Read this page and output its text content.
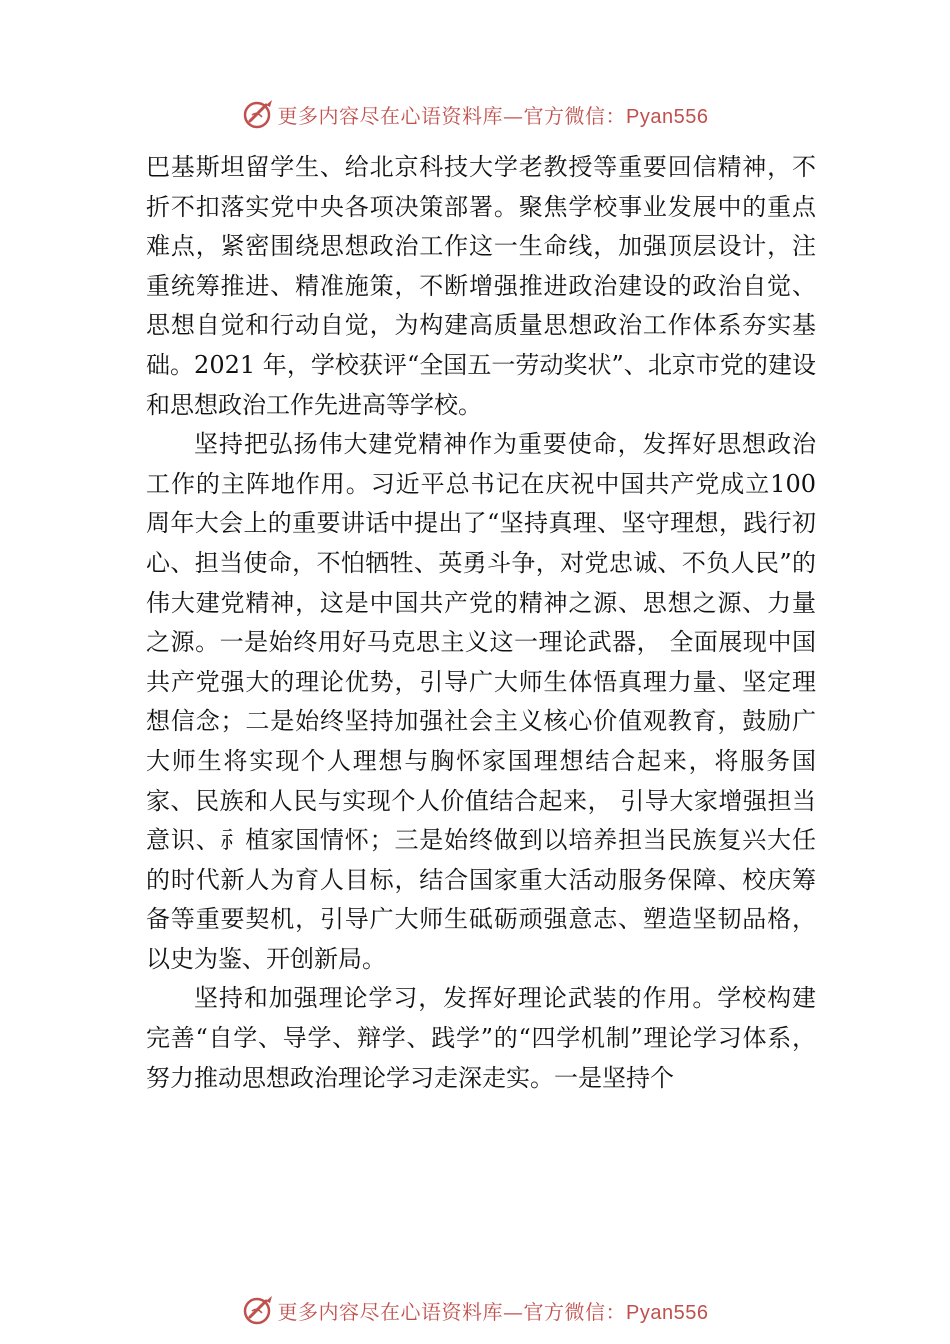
更多内容尽在心语资料库—官方微信：Pyan556

巴基斯坦留学生、给北京科技大学老教授等重要回信精神，不折不扣落实党中央各项决策部署。聚焦学校事业发展中的重点难点，紧密围绕思想政治工作这一生命线，加强顶层设计，注重统筹推进、精准施策，不断增强推进政治建设的政治自觉、思想自觉和行动自觉，为构建高质量思想政治工作体系夯实基础。2021 年，学校获评“全国五一劳动奖状”、北京市党的建设和思想政治工作先进高等学校。

坚持把弘扬伟大建党精神作为重要使命，发挥好思想政治工作的主阵地作用。习近平总书记在庆祝中国共产党成立100 周年大会上的重要讲话中提出了“坚持真理、坚守理想，践行初心、担当使命，不怕牺牲、英勇斗争，对党忠诚、不负人民”的伟大建党精神，这是中国共产党的精神之源、思想之源、力量之源。一是始终用好马克思主义这一理论武器， 全面展现中国共产党强大的理论优势，引导广大师生体悟真理力量、坚定理想信念；二是始终坚持加强社会主义核心价值观教育，鼓励广大师生将实现个人理想与胸怀家国理想结合起来，将服务国家、民族和人民与实现个人价值结合起来， 引导大家增强担当意识、⺬植家国情怀；三是始终做到以培养担当民族复兴大任的时代新人为育人目标，结合国家重大活动服务保障、校庆筹备等重要契机，引导广大师生砥砺顽强意志、塑造坚韧品格，以史为鉴、开创新局。

坚持和加强理论学习，发挥好理论武装的作用。学校构建完善“自学、导学、辩学、践学”的“四学机制”理论学习体系，努力推动思想政治理论学习走深走实。一是坚持个

更多内容尽在心语资料库—官方微信：Pyan556
